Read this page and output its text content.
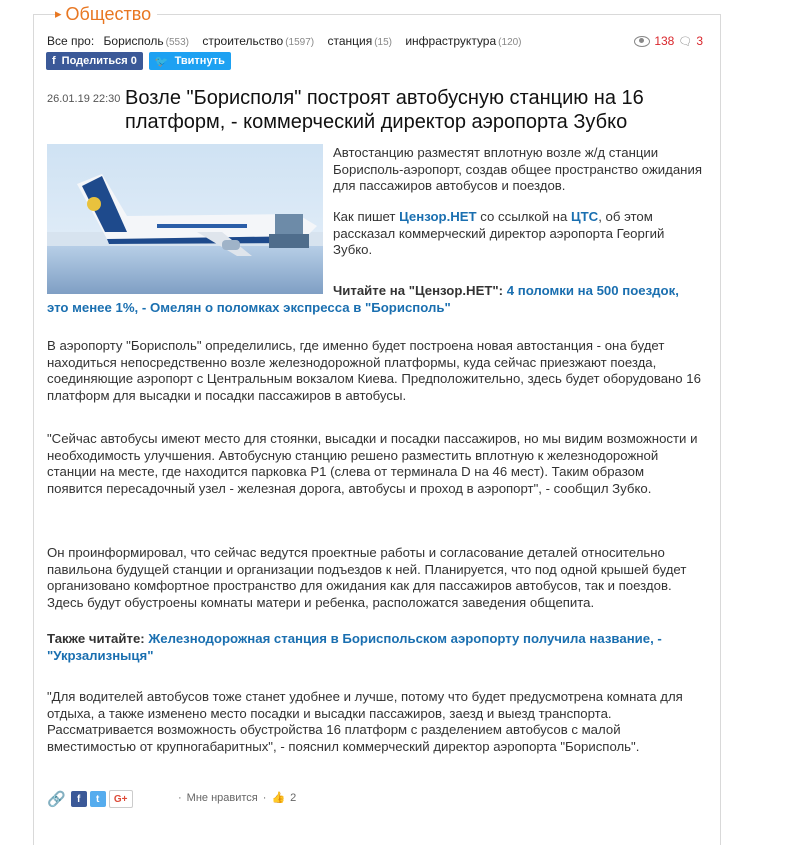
▸ Общество
Все про: Борисполь (553) строительство (1597) станция (15) инфраструктура (120)	138 🗨 3
f Поделиться
0 🐦 Твитнуть
26.01.19 22:30 Возле "Борисполя" построят автобусную станцию на 16 платформ, - коммерческий директор аэропорта Зубко
Автостанцию разместят вплотную возле ж/д станции Борисполь-аэропорт, создав общее пространство ожидания для пассажиров автобусов и поездов.
Как пишет Цензор.НЕТ со ссылкой на ЦТС, об этом рассказал коммерческий директор аэропорта Георгий Зубко.
Читайте на "Цензор.НЕТ": 4 поломки на 500 поездок, это менее 1%, - Омелян о поломках экспресса в "Борисполь"
В аэропорту "Борисполь" определились, где именно будет построена новая автостанция - она будет находиться непосредственно возле железнодорожной платформы, куда сейчас приезжают поезда, соединяющие аэропорт с Центральным вокзалом Киева. Предположительно, здесь будет оборудовано 16 платформ для высадки и посадки пассажиров в автобусы.
"Сейчас автобусы имеют место для стоянки, высадки и посадки пассажиров, но мы видим возможности и необходимость улучшения. Автобусную станцию решено разместить вплотную к железнодорожной станции на месте, где находится парковка Р1 (слева от терминала D на 46 мест). Таким образом появится пересадочный узел - железная дорога, автобусы и проход в аэропорт", - сообщил Зубко.
Он проинформировал, что сейчас ведутся проектные работы и согласование деталей относительно павильона будущей станции и организации подъездов к ней. Планируется, что под одной крышей будет организовано комфортное пространство для ожидания как для пассажиров автобусов, так и поездов. Здесь будут обустроены комнаты матери и ребенка, расположатся заведения общепита.
Также читайте: Железнодорожная станция в Бориспольском аэропорту получила название, - "Укрзализныця"
"Для водителей автобусов тоже станет удобнее и лучше, потому что будет предусмотрена комната для отдыха, а также изменено место посадки и высадки пассажиров, заезд и выезд транспорта. Рассматривается возможность обустройства 16 платформ с разделением автобусов с малой вместимостью от крупногабаритных", - пояснил коммерческий директор аэропорта "Борисполь".
🔗	f	t	G+	· Мне нравится · 👍 2
